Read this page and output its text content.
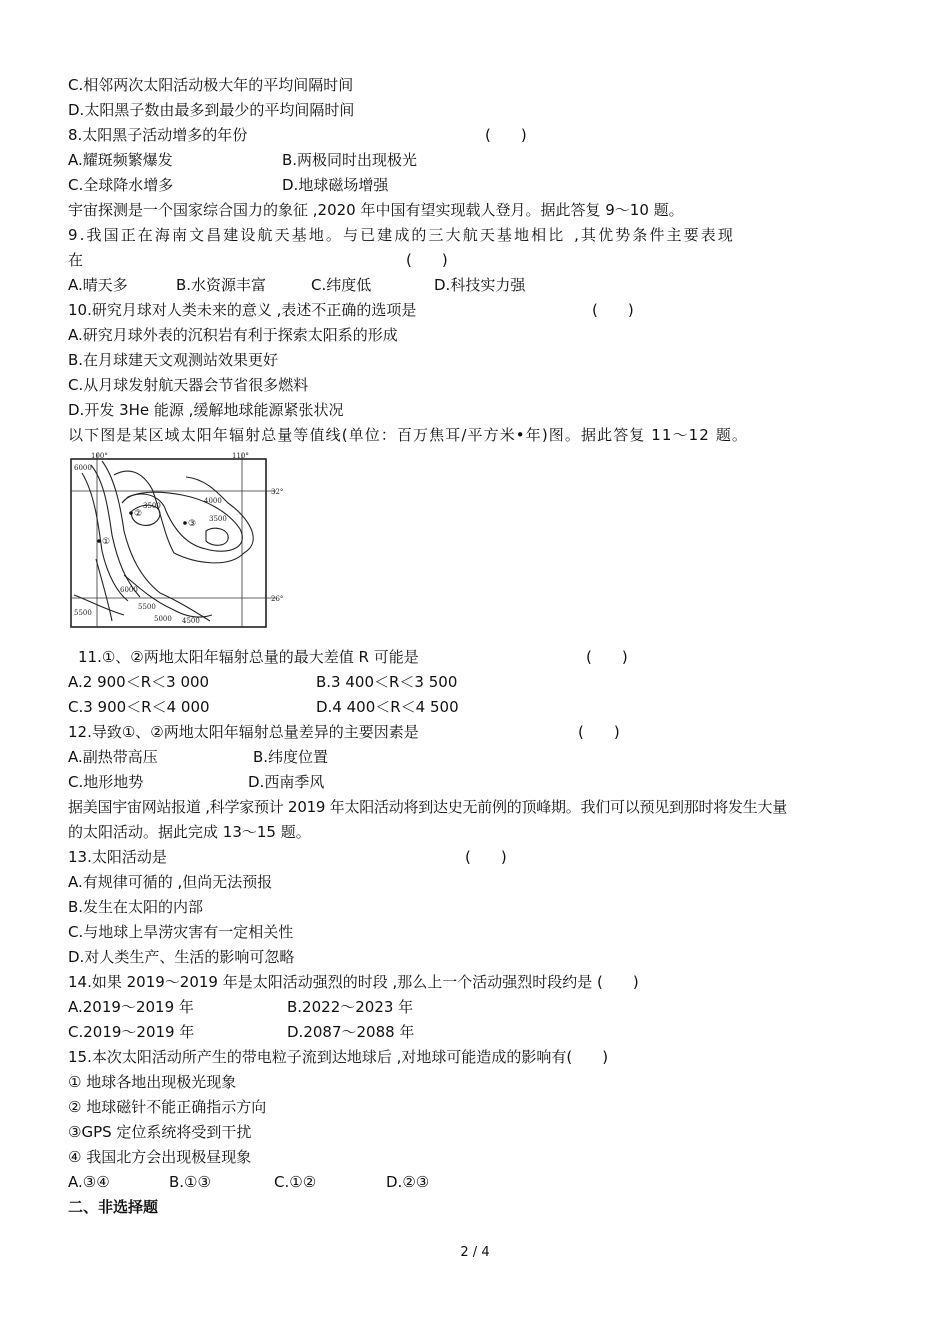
C.相邻两次太阳活动极大年的平均间隔时间
D.太阳黑子数由最多到最少的平均间隔时间
8.太阳黑子活动增多的年份	(　　)
A.耀斑频繁爆发	B.两极同时出现极光
C.全球降水增多	D.地球磁场增强
宇宙探测是一个国家综合国力的象征 ,2020 年中国有望实现载人登月。据此答复 9～10 题。
9.我国正在海南文昌建设航天基地。与已建成的三大航天基地相比 ,其优势条件主要表现
在	(　　)
A.晴天多	B.水资源丰富	C.纬度低	D.科技实力强
10.研究月球对人类未来的意义 ,表述不正确的选项是	(　　)
A.研究月球外表的沉积岩有利于探索太阳系的形成
B.在月球建天文观测站效果更好
C.从月球发射航天器会节省很多燃料
D.开发 3He 能源 ,缓解地球能源紧张状况
以下图是某区域太阳年辐射总量等值线(单位：百万焦耳/平方米•年)图。据此答复 11～12 题。
100°	110°
32°
26°
6000
3500
4000
3500
6000
5500
5500
5000 4500
①
②
③
11.①、②两地太阳年辐射总量的最大差值 R 可能是	(　　)
A.2 900＜R＜3 000	B.3 400＜R＜3 500
C.3 900＜R＜4 000	D.4 400＜R＜4 500
12.导致①、②两地太阳年辐射总量差异的主要因素是	(　　)
A.副热带高压	B.纬度位置
C.地形地势	D.西南季风
据美国宇宙网站报道 ,科学家预计 2019 年太阳活动将到达史无前例的顶峰期。我们可以预见到那时将发生大量
的太阳活动。据此完成 13～15 题。
13.太阳活动是	(　　)
A.有规律可循的 ,但尚无法预报
B.发生在太阳的内部
C.与地球上旱涝灾害有一定相关性
D.对人类生产、生活的影响可忽略
14.如果 2019～2019 年是太阳活动强烈的时段 ,那么上一个活动强烈时段约是 (　　)
A.2019～2019 年	B.2022～2023 年
C.2019～2019 年	D.2087～2088 年
15.本次太阳活动所产生的带电粒子流到达地球后 ,对地球可能造成的影响有(　　)
① 地球各地出现极光现象
② 地球磁针不能正确指示方向
③GPS 定位系统将受到干扰
④ 我国北方会出现极昼现象
A.③④	B.①③	C.①②	D.②③
二、非选择题
2 / 4
